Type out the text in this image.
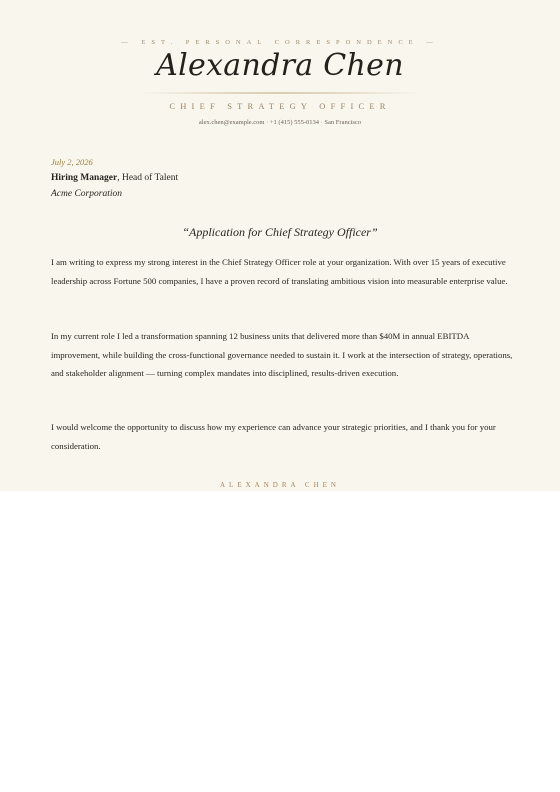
— EST. PERSONAL CORRESPONDENCE —
Alexandra Chen
CHIEF STRATEGY OFFICER
alex.chen@example.com · +1 (415) 555-0134 · San Francisco
July 2, 2026
Hiring Manager, Head of Talent
Acme Corporation
“Application for Chief Strategy Officer”
I am writing to express my strong interest in the Chief Strategy Officer role at your organization. With over 15 years of executive leadership across Fortune 500 companies, I have a proven record of translating ambitious vision into measurable enterprise value.
In my current role I led a transformation spanning 12 business units that delivered more than $40M in annual EBITDA improvement, while building the cross-functional governance needed to sustain it. I work at the intersection of strategy, operations, and stakeholder alignment — turning complex mandates into disciplined, results-driven execution.
I would welcome the opportunity to discuss how my experience can advance your strategic priorities, and I thank you for your consideration.
ALEXANDRA CHEN
